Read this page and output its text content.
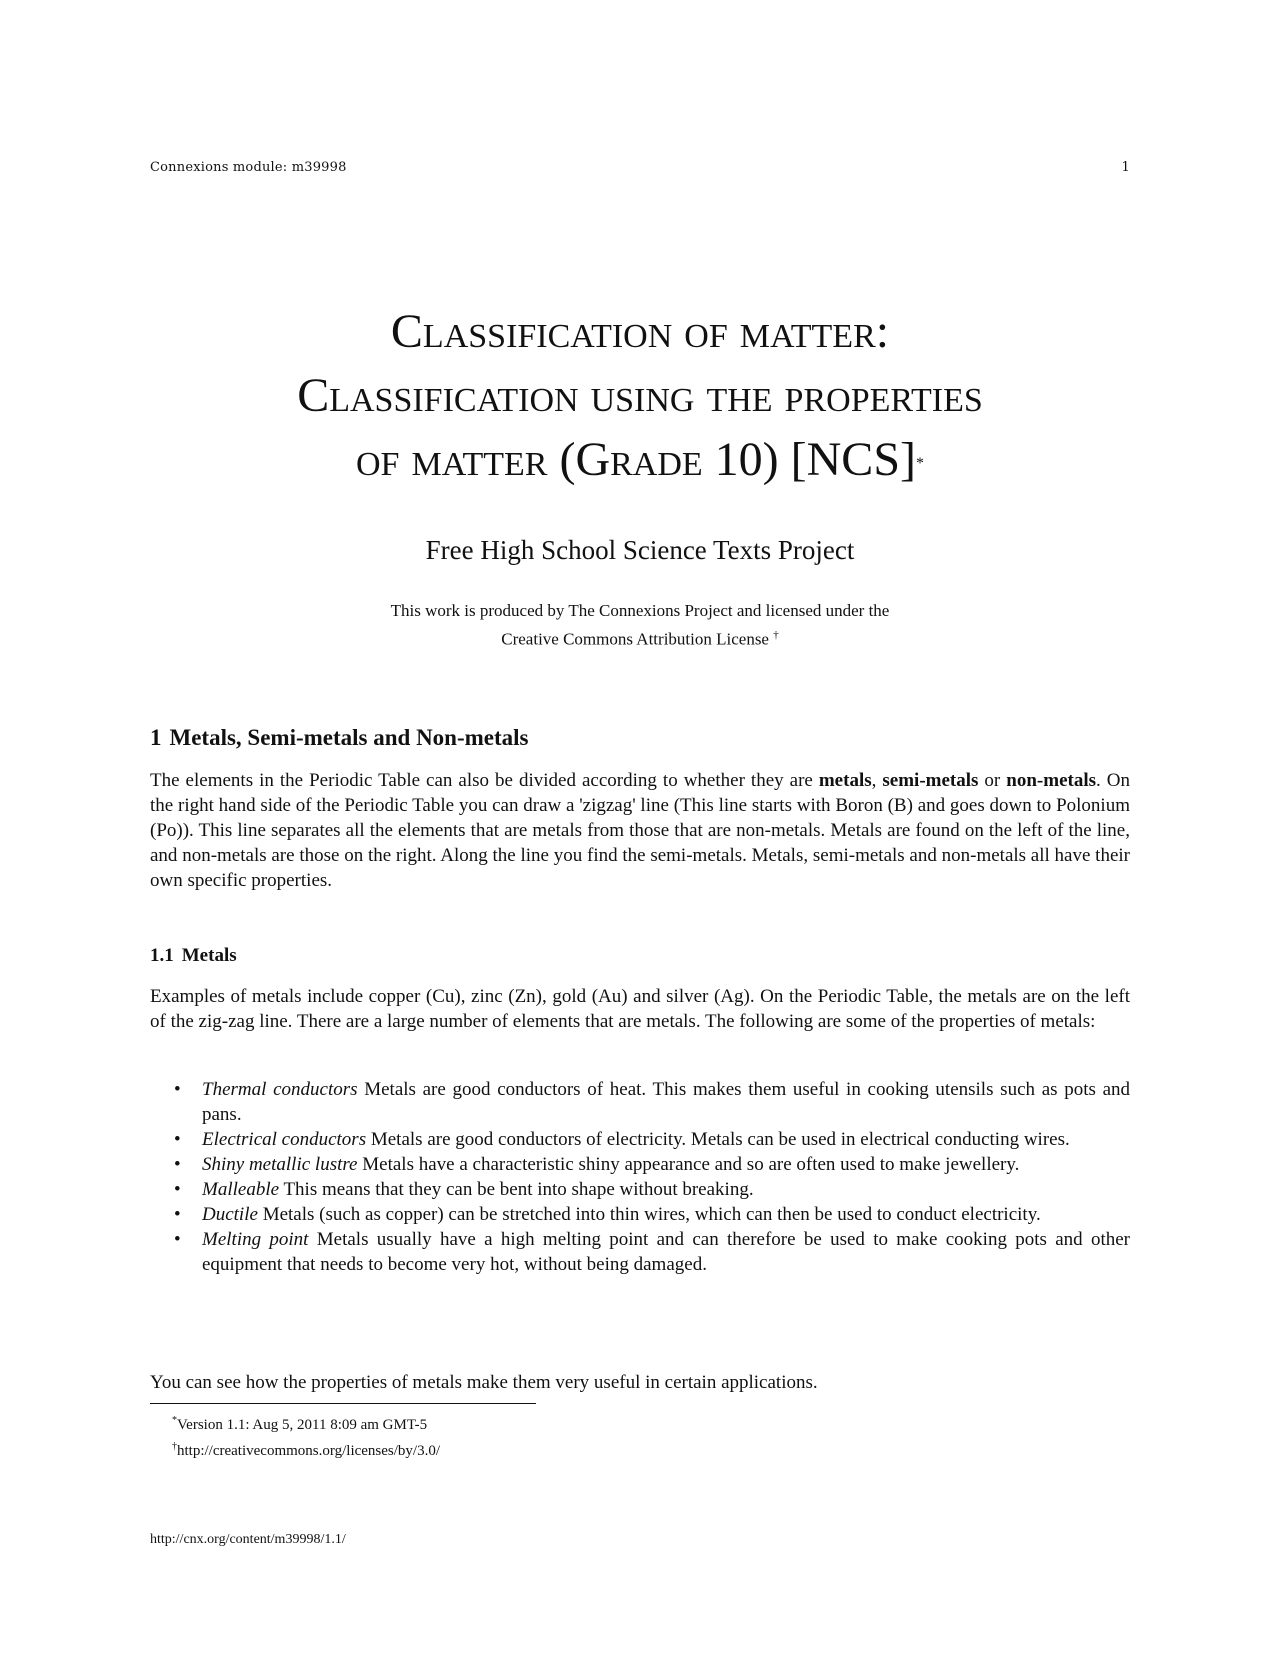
Connexions module: m39998	1
Classification of matter:
Classification using the properties
of matter (Grade 10) [NCS]*
Free High School Science Texts Project
This work is produced by The Connexions Project and licensed under the
Creative Commons Attribution License †
1 Metals, Semi-metals and Non-metals

The elements in the Periodic Table can also be divided according to whether they are metals, semi-metals or non-metals. On the right hand side of the Periodic Table you can draw a 'zigzag' line (This line starts with Boron (B) and goes down to Polonium (Po)). This line separates all the elements that are metals from those that are non-metals. Metals are found on the left of the line, and non-metals are those on the right. Along the line you find the semi-metals. Metals, semi-metals and non-metals all have their own specific properties.

1.1 Metals

Examples of metals include copper (Cu), zinc (Zn), gold (Au) and silver (Ag). On the Periodic Table, the metals are on the left of the zig-zag line. There are a large number of elements that are metals. The following are some of the properties of metals:

• Thermal conductors Metals are good conductors of heat. This makes them useful in cooking utensils such as pots and pans.
• Electrical conductors Metals are good conductors of electricity. Metals can be used in electrical conducting wires.
• Shiny metallic lustre Metals have a characteristic shiny appearance and so are often used to make jewellery.
• Malleable This means that they can be bent into shape without breaking.
• Ductile Metals (such as copper) can be stretched into thin wires, which can then be used to conduct electricity.
• Melting point Metals usually have a high melting point and can therefore be used to make cooking pots and other equipment that needs to become very hot, without being damaged.

You can see how the properties of metals make them very useful in certain applications.

*Version 1.1: Aug 5, 2011 8:09 am GMT-5
†http://creativecommons.org/licenses/by/3.0/
http://cnx.org/content/m39998/1.1/
